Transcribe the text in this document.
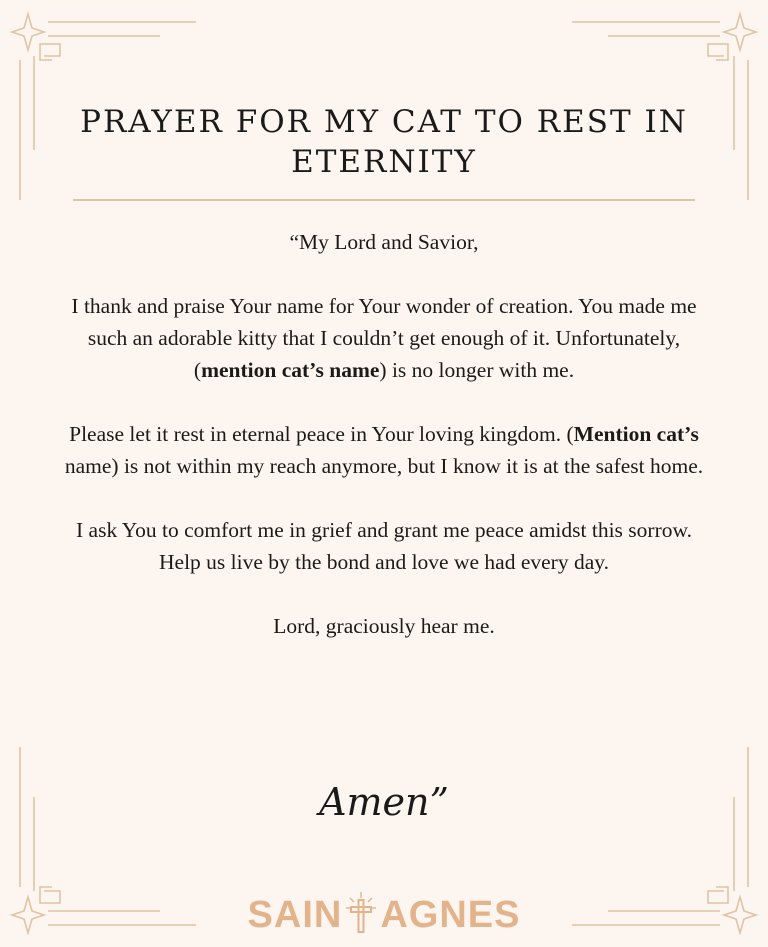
PRAYER FOR MY CAT TO REST IN ETERNITY

“My Lord and Savior,

I thank and praise Your name for Your wonder of creation. You made me such an adorable kitty that I couldn’t get enough of it. Unfortunately, (mention cat’s name) is no longer with me.

Please let it rest in eternal peace in Your loving kingdom. (Mention cat’s name) is not within my reach anymore, but I know it is at the safest home.

I ask You to comfort me in grief and grant me peace amidst this sorrow. Help us live by the bond and love we had every day.

Lord, graciously hear me.

Amen”
SAIN AGNES
